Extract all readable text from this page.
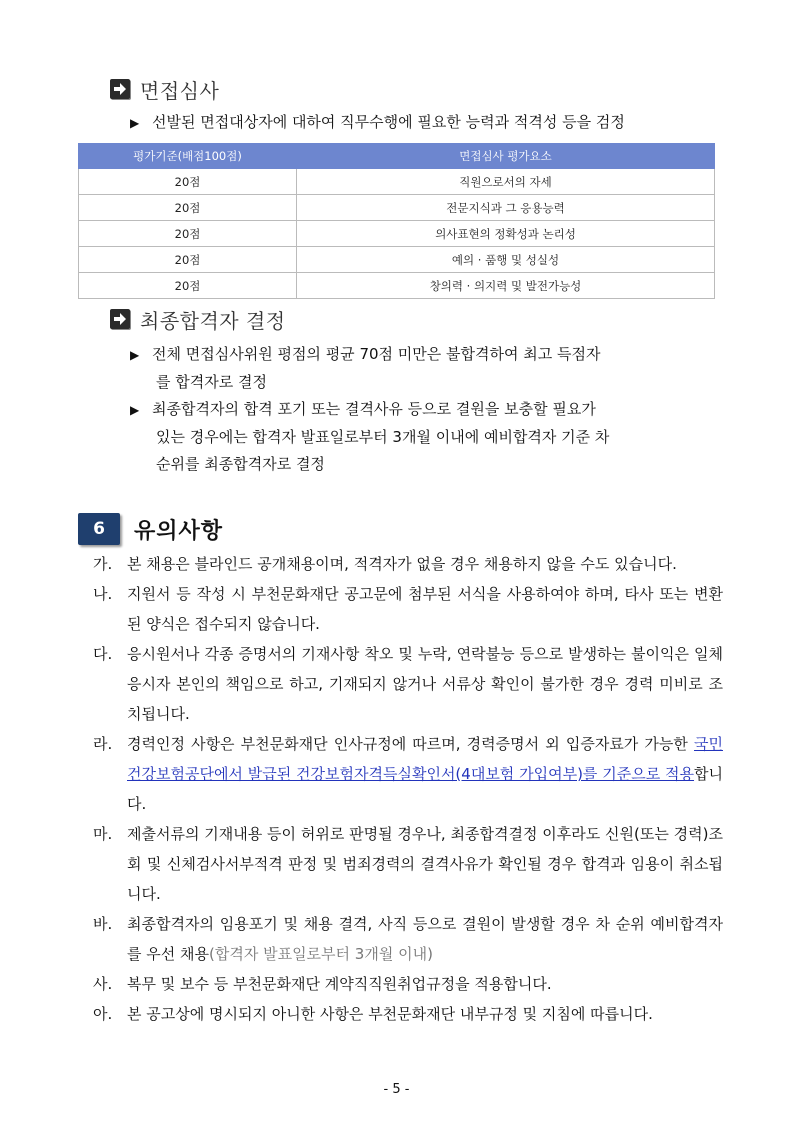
면접심사
▶ 선발된 면접대상자에 대하여 직무수행에 필요한 능력과 적격성 등을 검정
평가기준(배점100점)	면접심사 평가요소
20점	직원으로서의 자세
20점	전문지식과 그 응용능력
20점	의사표현의 정확성과 논리성
20점	예의 · 품행 및 성실성
20점	창의력 · 의지력 및 발전가능성
최종합격자 결정
▶ 전체 면접심사위원 평점의 평균 70점 미만은 불합격하여 최고 득점자
를 합격자로 결정
▶ 최종합격자의 합격 포기 또는 결격사유 등으로 결원을 보충할 필요가
있는 경우에는 합격자 발표일로부터 3개월 이내에 예비합격자 기준 차
순위를 최종합격자로 결정
6	유의사항
가. 본 채용은 블라인드 공개채용이며, 적격자가 없을 경우 채용하지 않을 수도 있습니다.
나. 지원서 등 작성 시 부천문화재단 공고문에 첨부된 서식을 사용하여야 하며, 타사 또는 변환된 양식은 접수되지 않습니다.
다. 응시원서나 각종 증명서의 기재사항 착오 및 누락, 연락불능 등으로 발생하는 불이익은 일체 응시자 본인의 책임으로 하고, 기재되지 않거나 서류상 확인이 불가한 경우 경력 미비로 조치됩니다.
라. 경력인정 사항은 부천문화재단 인사규정에 따르며, 경력증명서 외 입증자료가 가능한 국민건강보험공단에서 발급된 건강보험자격득실확인서(4대보험 가입여부)를 기준으로 적용합니다.
마. 제출서류의 기재내용 등이 허위로 판명될 경우나, 최종합격결정 이후라도 신원(또는 경력)조회 및 신체검사서부적격 판정 및 범죄경력의 결격사유가 확인될 경우 합격과 임용이 취소됩니다.
바. 최종합격자의 임용포기 및 채용 결격, 사직 등으로 결원이 발생할 경우 차 순위 예비합격자를 우선 채용(합격자 발표일로부터 3개월 이내)
사. 복무 및 보수 등 부천문화재단 계약직직원취업규정을 적용합니다.
아. 본 공고상에 명시되지 아니한 사항은 부천문화재단 내부규정 및 지침에 따릅니다.
- 5 -
